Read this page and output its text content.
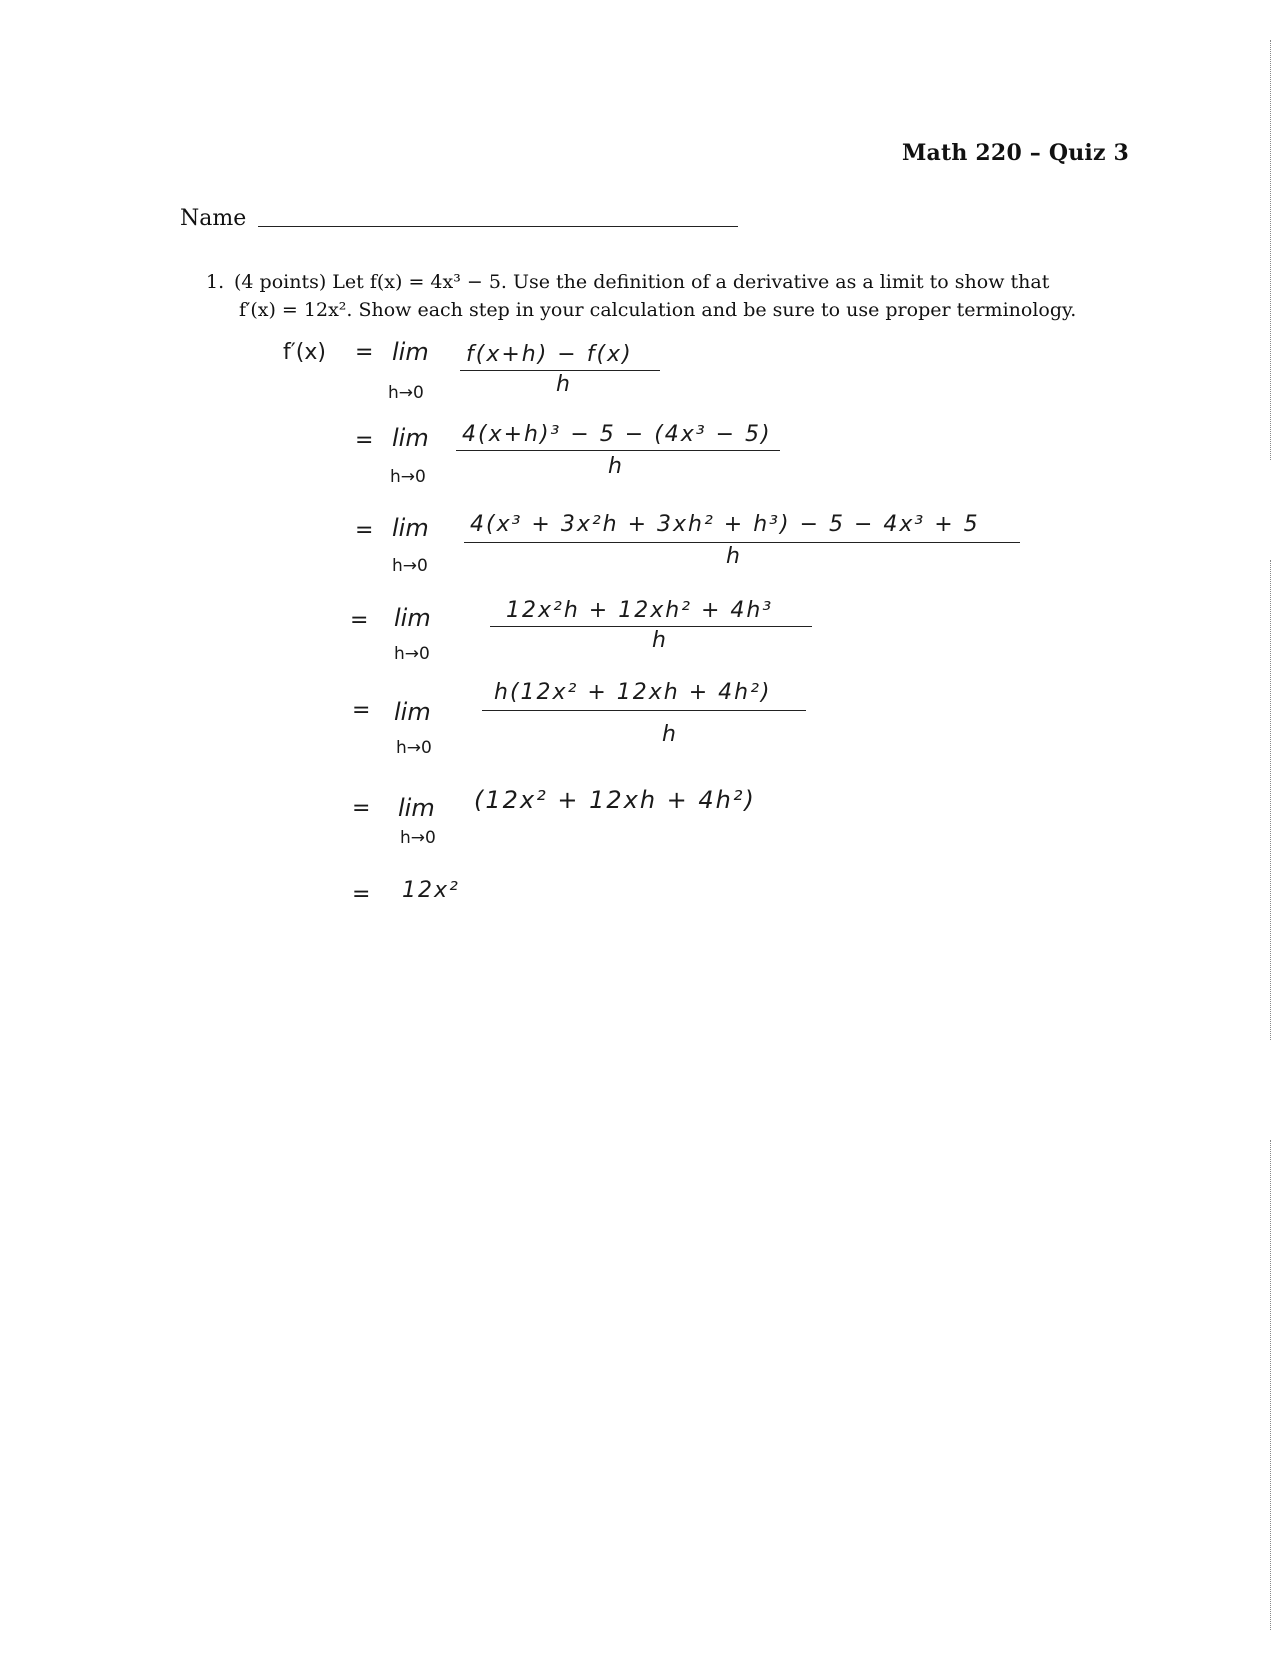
Math 220 – Quiz 3
Name
1. (4 points) Let f(x) = 4x³ − 5. Use the definition of a derivative as a limit to show that
f′(x) = 12x². Show each step in your calculation and be sure to use proper terminology.
f′(x) = lim
h→0
f(x+h) − f(x)
h
= lim
h→0
4(x+h)³ − 5 − (4x³ − 5)
h
= lim
h→0
4(x³ + 3x²h + 3xh² + h³) − 5 − 4x³ + 5
h
= lim
h→0
12x²h + 12xh² + 4h³
h
= lim
h→0
h(12x² + 12xh + 4h²)
h
= lim
h→0
(12x² + 12xh + 4h²)
= 12x²
